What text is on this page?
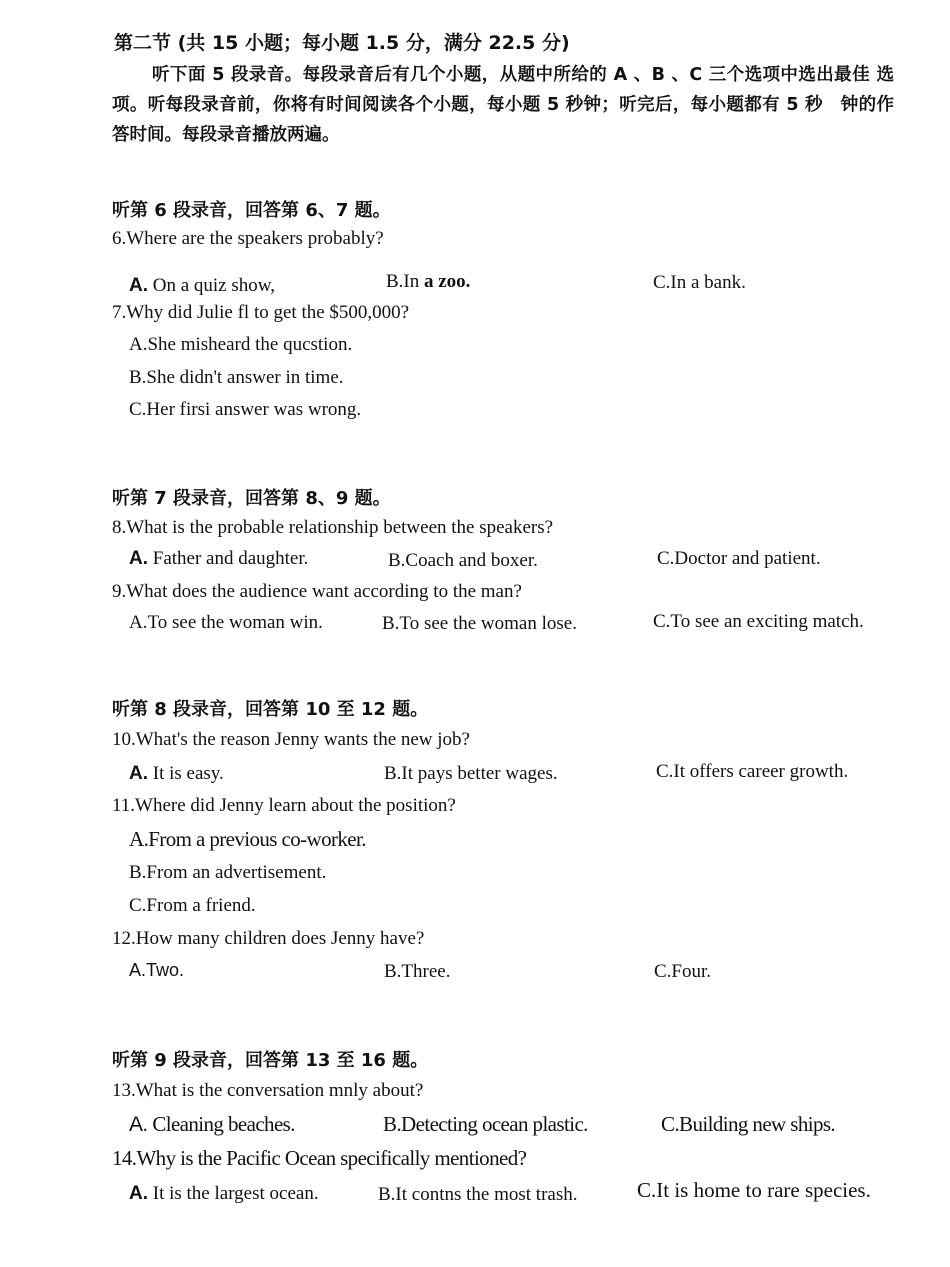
第二节 (共 15 小题；每小题 1.5 分，满分 22.5 分)
听下面 5 段录音。每段录音后有几个小题，从题中所给的 A 、B 、C 三个选项中选出最佳 选项。听每段录音前，你将有时间阅读各个小题，每小题 5 秒钟；听完后，每小题都有 5 秒　钟的作答时间。每段录音播放两遍。
听第 6 段录音，回答第 6、7 题。
6.Where are the speakers probably?
A. On a quiz show,	B.In a zoo.	C.In a bank.
7.Why did Julie fl to get the $500,000?
A.She misheard the qucstion.
B.She didn't answer in time.
C.Her firsi answer was wrong.
听第 7 段录音，回答第 8、9 题。
8.What is the probable relationship between the speakers?
A. Father and daughter.	B.Coach and boxer.	C.Doctor and patient.
9.What does the audience want according to the man?
A.To see the woman win.	B.To see the woman lose.	C.To see an exciting match.
听第 8 段录音，回答第 10 至 12 题。
10.What's the reason Jenny wants the new job?
A. It is easy.	B.It pays better wages.	C.It offers career growth.
11.Where did Jenny learn about the position?
A.From a previous co-worker.
B.From an advertisement.
C.From a friend.
12.How many children does Jenny have?
A.Two.	B.Three.	C.Four.
听第 9 段录音，回答第 13 至 16 题。
13.What is the conversation mnly about?
A. Cleaning beaches.	B.Detecting ocean plastic.	C.Building new ships.
14.Why is the Pacific Ocean specifically mentioned?
A. It is the largest ocean.	B.It contns the most trash.	C.It is home to rare species.
